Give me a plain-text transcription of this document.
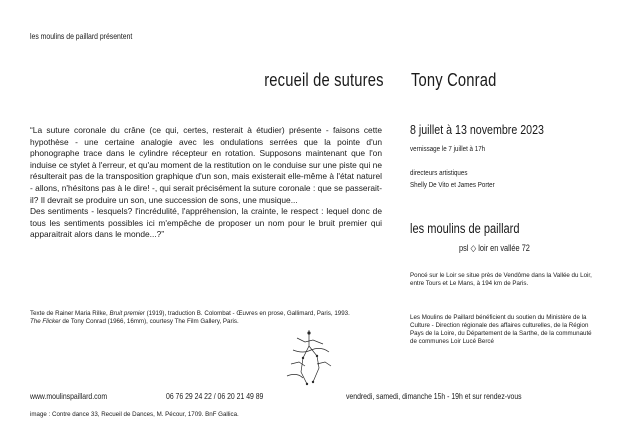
les moulins de paillard présentent
recueil de sutures Tony Conrad

“La suture coronale du crâne (ce qui, certes, resterait à étudier) présente - faisons cette hypothèse - une certaine analogie avec les ondulations serrées que la pointe d'un phonographe trace dans le cylindre récepteur en rotation. Supposons maintenant que l'on induise ce stylet à l'erreur, et qu'au moment de la restitution on le conduise sur une piste qui ne résulterait pas de la transposition graphique d'un son, mais existerait elle-même à l'état naturel - allons, n'hésitons pas à le dire! -, qui serait précisément la suture coronale : que se passerait-il? Il devrait se produire un son, une succession de sons, une musique...

Des sentiments - lesquels? l'incrédulité, l'appréhension, la crainte, le respect : lequel donc de tous les sentiments possibles ici m'empêche de proposer un nom pour le bruit premier qui apparaitrait alors dans le monde...?”

8 juillet à 13 novembre 2023
vernissage le 7 juillet à 17h
directeurs artistiques
Shelly De Vito et James Porter
les moulins de paillard
psl ◇ loir en vallée 72
Poncé sur le Loir se situe près de Vendôme dans la Vallée du Loir, entre Tours et Le Mans, à 194 km de Paris.
Les Moulins de Paillard bénéficient du soutien du Ministère de la Culture - Direction régionale des affaires culturelles, de la Région Pays de la Loire, du Département de la Sarthe, de la communauté de communes Loir Lucé Bercé

Texte de Rainer Maria Rilke, Bruit premier (1919), traduction B. Colombat - Œuvres en prose, Gallimard, Paris, 1993.

The Flicker de Tony Conrad (1966, 16mm), courtesy The Film Gallery, Paris.

www.moulinspaillard.com	06 76 29 24 22 / 06 20 21 49 89	vendredi, samedi, dimanche 15h - 19h et sur rendez-vous
image : Contre dance 33, Recueil de Dances, M. Pécour, 1709. BnF Gallica.
